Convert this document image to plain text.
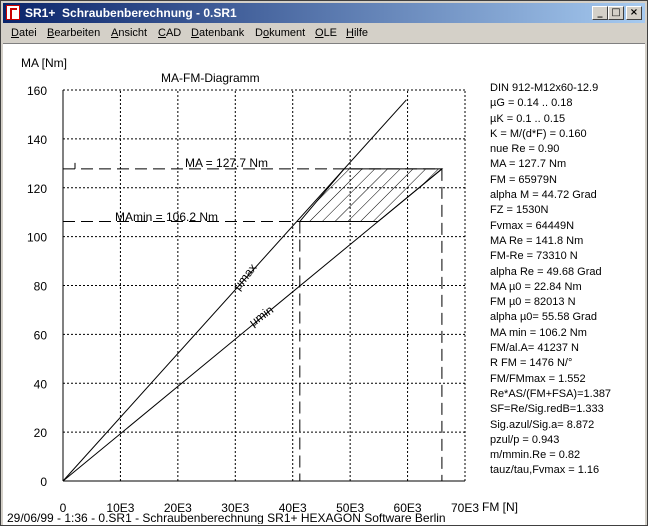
SR1+  Schraubenberechnung - 0.SR1	_ □ ×
Datei Bearbeiten Ansicht CAD Datenbank Dokument OLE Hilfe
0
20
40
60
80
100
120
140
160
0	10E3 20E3 30E3 40E3 50E3 60E3 70E3
MA [Nm]
MA-FM-Diagramm
FM [N]
MA = 127.7 Nm
MAmin = 106.2 Nm
μmax
μmin
29/06/99 - 1:36 - 0.SR1 - Schraubenberechnung SR1+ HEXAGON Software Berlin
DIN 912-M12x60-12.9
µG = 0.14 .. 0.18
µK = 0.1 .. 0.15
K = M/(d*F) = 0.160
nue Re = 0.90
MA = 127.7 Nm
FM = 65979N
alpha M = 44.72 Grad
FZ = 1530N
Fvmax = 64449N
MA Re = 141.8 Nm
FM-Re = 73310 N
alpha Re = 49.68 Grad
MA µ0 = 22.84 Nm
FM µ0 = 82013 N
alpha µ0= 55.58 Grad
MA min = 106.2 Nm
FM/al.A= 41237 N
R FM = 1476 N/°
FM/FMmax = 1.552
Re*AS/(FM+FSA)=1.387
SF=Re/Sig.redB=1.333
Sig.azul/Sig.a= 8.872
pzul/p = 0.943
m/mmin.Re = 0.82
tauz/tau,Fvmax = 1.16
